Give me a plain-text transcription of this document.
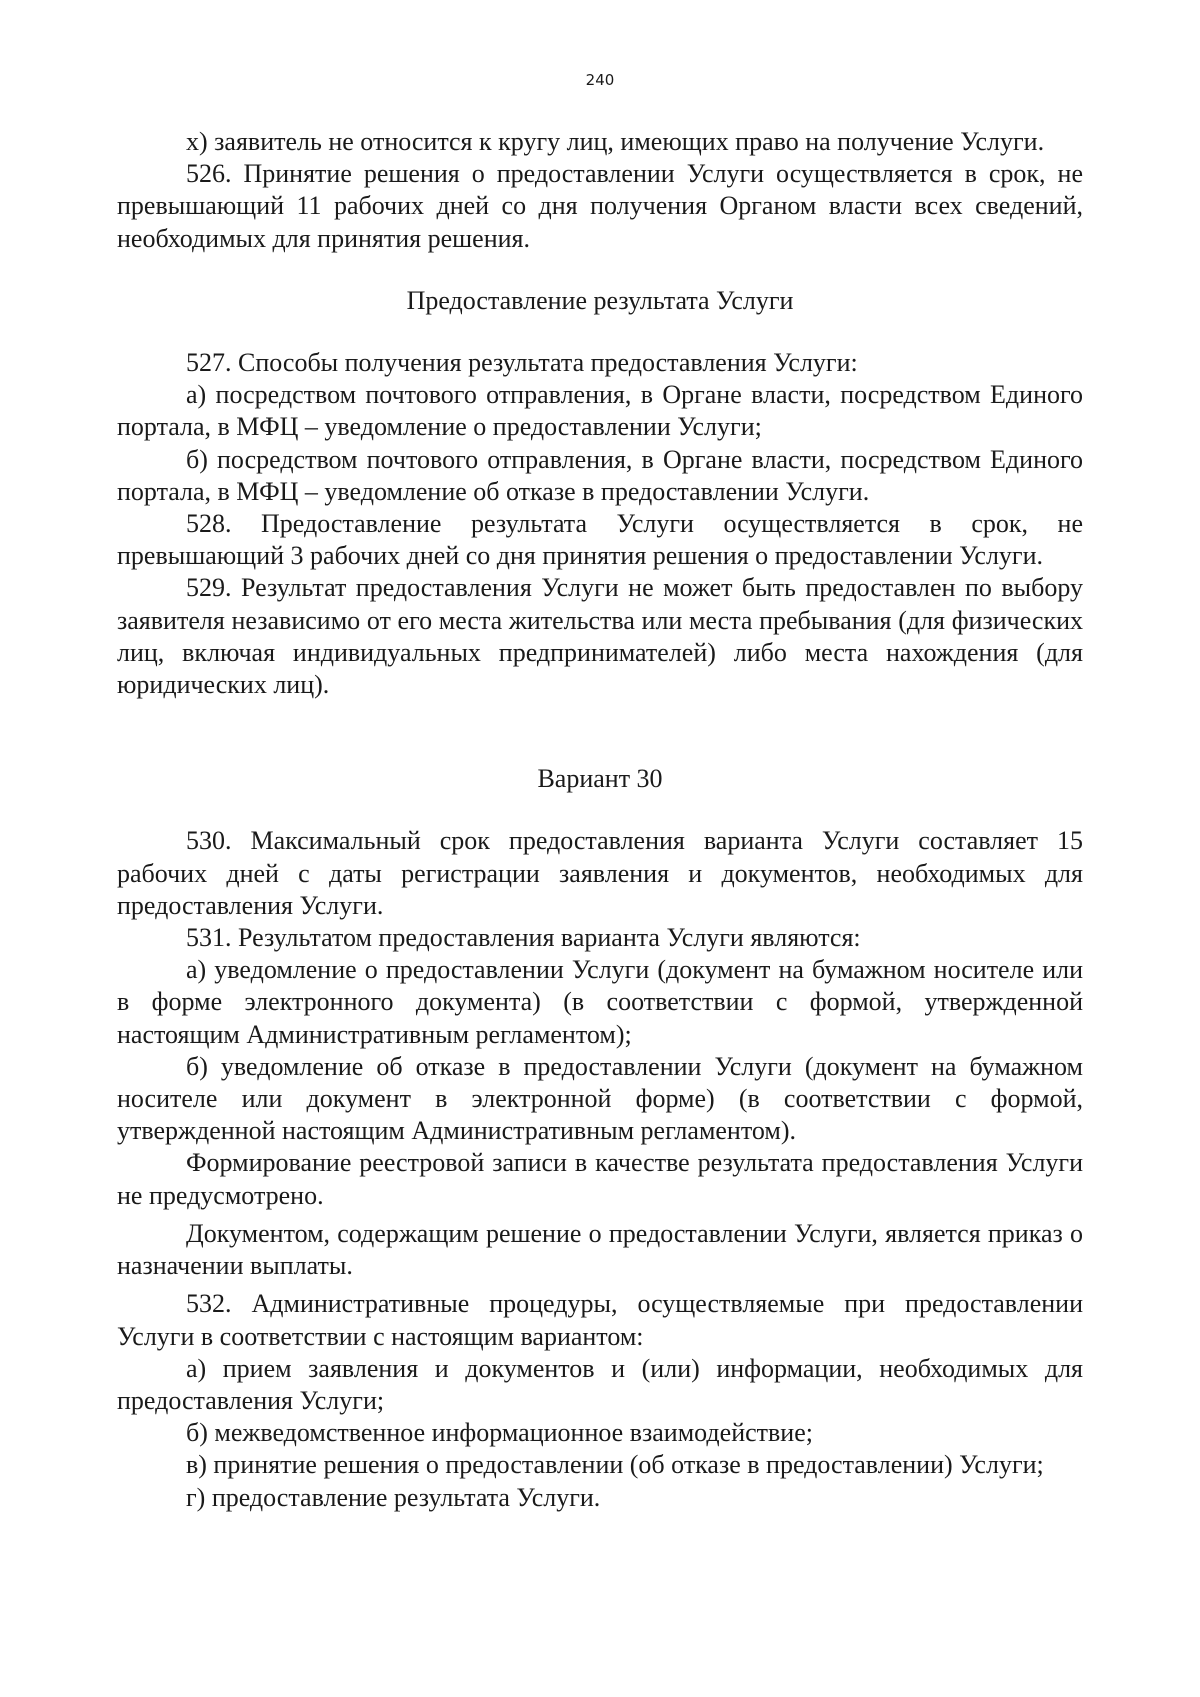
240

х) заявитель не относится к кругу лиц, имеющих право на получение Услуги.

526. Принятие решения о предоставлении Услуги осуществляется в срок, не превышающий 11 рабочих дней со дня получения Органом власти всех сведений, необходимых для принятия решения.

Предоставление результата Услуги

527. Способы получения результата предоставления Услуги:

а) посредством почтового отправления, в Органе власти, посредством Единого портала, в МФЦ – уведомление о предоставлении Услуги;

б) посредством почтового отправления, в Органе власти, посредством Единого портала, в МФЦ – уведомление об отказе в предоставлении Услуги.

528. Предоставление результата Услуги осуществляется в срок, не превышающий 3 рабочих дней со дня принятия решения о предоставлении Услуги.

529. Результат предоставления Услуги не может быть предоставлен по выбору заявителя независимо от его места жительства или места пребывания (для физических лиц, включая индивидуальных предпринимателей) либо места нахождения (для юридических лиц).

Вариант 30

530. Максимальный срок предоставления варианта Услуги составляет 15 рабочих дней с даты регистрации заявления и документов, необходимых для предоставления Услуги.

531. Результатом предоставления варианта Услуги являются:

а) уведомление о предоставлении Услуги (документ на бумажном носителе или в форме электронного документа) (в соответствии с формой, утвержденной настоящим Административным регламентом);

б) уведомление об отказе в предоставлении Услуги (документ на бумажном носителе или документ в электронной форме) (в соответствии с формой, утвержденной настоящим Административным регламентом).

Формирование реестровой записи в качестве результата предоставления Услуги не предусмотрено.

Документом, содержащим решение о предоставлении Услуги, является приказ о назначении выплаты.

532. Административные процедуры, осуществляемые при предоставлении Услуги в соответствии с настоящим вариантом:

а) прием заявления и документов и (или) информации, необходимых для предоставления Услуги;

б) межведомственное информационное взаимодействие;

в) принятие решения о предоставлении (об отказе в предоставлении) Услуги;

г) предоставление результата Услуги.
